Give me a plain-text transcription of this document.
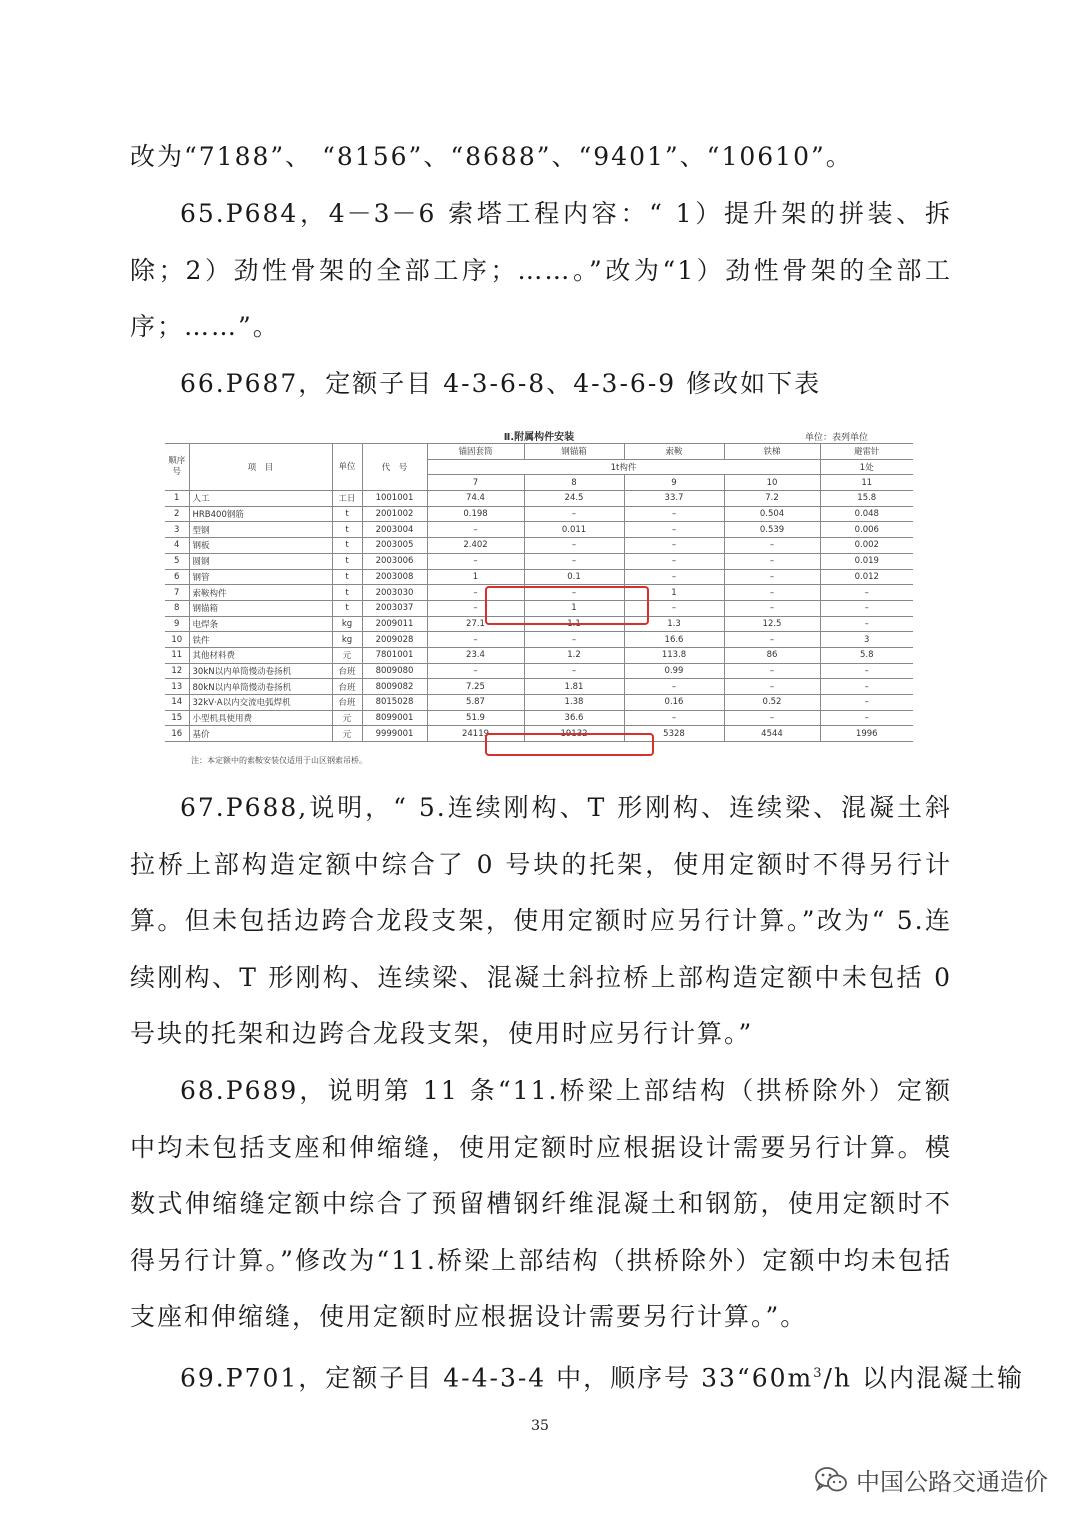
改为“7188”、 “8156”、“8688”、“9401”、“10610”。

65.P684，4－3－6 索塔工程内容：“ 1）提升架的拼装、拆除；2）劲性骨架的全部工序；……。”改为“1）劲性骨架的全部工序；……”。

66.P687，定额子目 4-3-6-8、4-3-6-9 修改如下表

Ⅱ.附属构件安装	单位：表列单位
顺序号	项　目	单位	代　号	锚固套筒	钢锚箱	索鞍	铁梯	避雷针
				1t构件				1处
				7	8	9	10	11
1	人工	工日	1001001	74.4	24.5	33.7	7.2	15.8
2	HRB400钢筋	t	2001002	0.198	–	–	0.504	0.048
3	型钢	t	2003004	–	0.011	–	0.539	0.006
4	钢板	t	2003005	2.402	–	–	–	0.002
5	圆钢	t	2003006	–	–	–	–	0.019
6	钢管	t	2003008	1	0.1	–	–	0.012
7	索鞍构件	t	2003030	–	–	1	–	–
8	钢锚箱	t	2003037	–	1	–	–	–
9	电焊条	kg	2009011	27.1	1.1	1.3	12.5	–
10	铁件	kg	2009028	–	–	16.6	–	3
11	其他材料费	元	7801001	23.4	1.2	113.8	86	5.8
12	30kN以内单筒慢动卷扬机	台班	8009080	–	–	0.99	–	–
13	80kN以内单筒慢动卷扬机	台班	8009082	7.25	1.81	–	–	–
14	32kV·A以内交流电弧焊机	台班	8015028	5.87	1.38	0.16	0.52	–
15	小型机具使用费	元	8099001	51.9	36.6	–	–	–
16	基价	元	9999001	24119	19132	5328	4544	1996
注：本定额中的索鞍安装仅适用于山区钢索吊桥。

67.P688,说明，“ 5.连续刚构、T 形刚构、连续梁、混凝土斜拉桥上部构造定额中综合了 0 号块的托架，使用定额时不得另行计算。但未包括边跨合龙段支架，使用定额时应另行计算。”改为“ 5.连续刚构、T 形刚构、连续梁、混凝土斜拉桥上部构造定额中未包括 0 号块的托架和边跨合龙段支架，使用时应另行计算。”

68.P689，说明第 11 条“11.桥梁上部结构（拱桥除外）定额中均未包括支座和伸缩缝，使用定额时应根据设计需要另行计算。模数式伸缩缝定额中综合了预留槽钢纤维混凝土和钢筋，使用定额时不得另行计算。”修改为“11.桥梁上部结构（拱桥除外）定额中均未包括支座和伸缩缝，使用定额时应根据设计需要另行计算。”。

69.P701，定额子目 4-4-3-4 中，顺序号 $33“60m^3/h$ 以内混凝土输

35
中国公路交通造价
